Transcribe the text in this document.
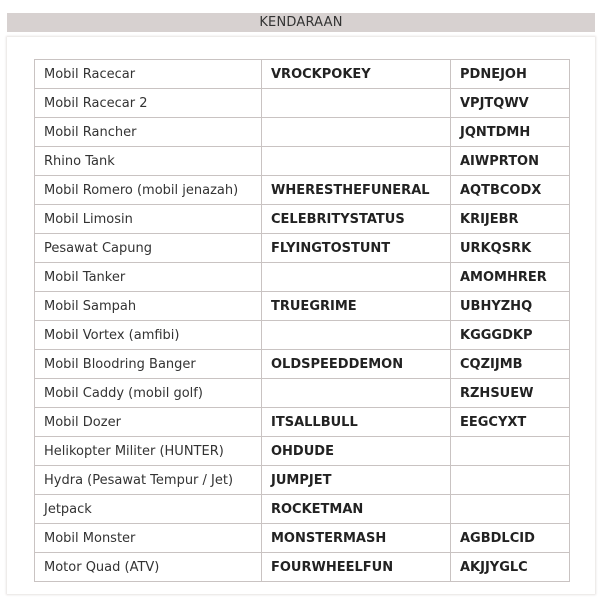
KENDARAAN
Mobil Racecar	VROCKPOKEY	PDNEJOH
Mobil Racecar 2		VPJTQWV
Mobil Rancher		JQNTDMH
Rhino Tank		AIWPRTON
Mobil Romero (mobil jenazah)	WHERESTHEFUNERAL	AQTBCODX
Mobil Limosin	CELEBRITYSTATUS	KRIJEBR
Pesawat Capung	FLYINGTOSTUNT	URKQSRK
Mobil Tanker		AMOMHRER
Mobil Sampah	TRUEGRIME	UBHYZHQ
Mobil Vortex (amfibi)		KGGGDKP
Mobil Bloodring Banger	OLDSPEEDDEMON	CQZIJMB
Mobil Caddy (mobil golf)		RZHSUEW
Mobil Dozer	ITSALLBULL	EEGCYXT
Helikopter Militer (HUNTER)	OHDUDE	
Hydra (Pesawat Tempur / Jet)	JUMPJET	
Jetpack	ROCKETMAN	
Mobil Monster	MONSTERMASH	AGBDLCID
Motor Quad (ATV)	FOURWHEELFUN	AKJJYGLC
